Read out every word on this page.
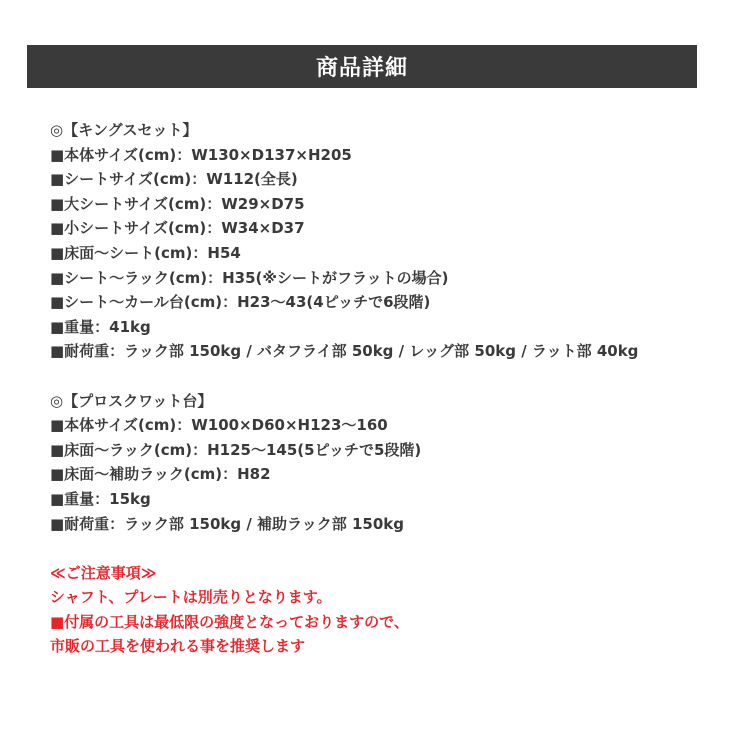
商品詳細
◎【キングスセット】
■本体サイズ(cm)：W130×D137×H205
■シートサイズ(cm)：W112(全長)
■大シートサイズ(cm)：W29×D75
■小シートサイズ(cm)：W34×D37
■床面～シート(cm)：H54
■シート～ラック(cm)：H35(※シートがフラットの場合)
■シート～カール台(cm)：H23～43(4ピッチで6段階)
■重量：41kg
■耐荷重：ラック部 150kg / バタフライ部 50kg / レッグ部 50kg / ラット部 40kg
◎【プロスクワット台】
■本体サイズ(cm)：W100×D60×H123～160
■床面～ラック(cm)：H125～145(5ピッチで5段階)
■床面～補助ラック(cm)：H82
■重量：15kg
■耐荷重：ラック部 150kg / 補助ラック部 150kg
≪ご注意事項≫
シャフト、プレートは別売りとなります。
■付属の工具は最低限の強度となっておりますので、
市販の工具を使われる事を推奨します
